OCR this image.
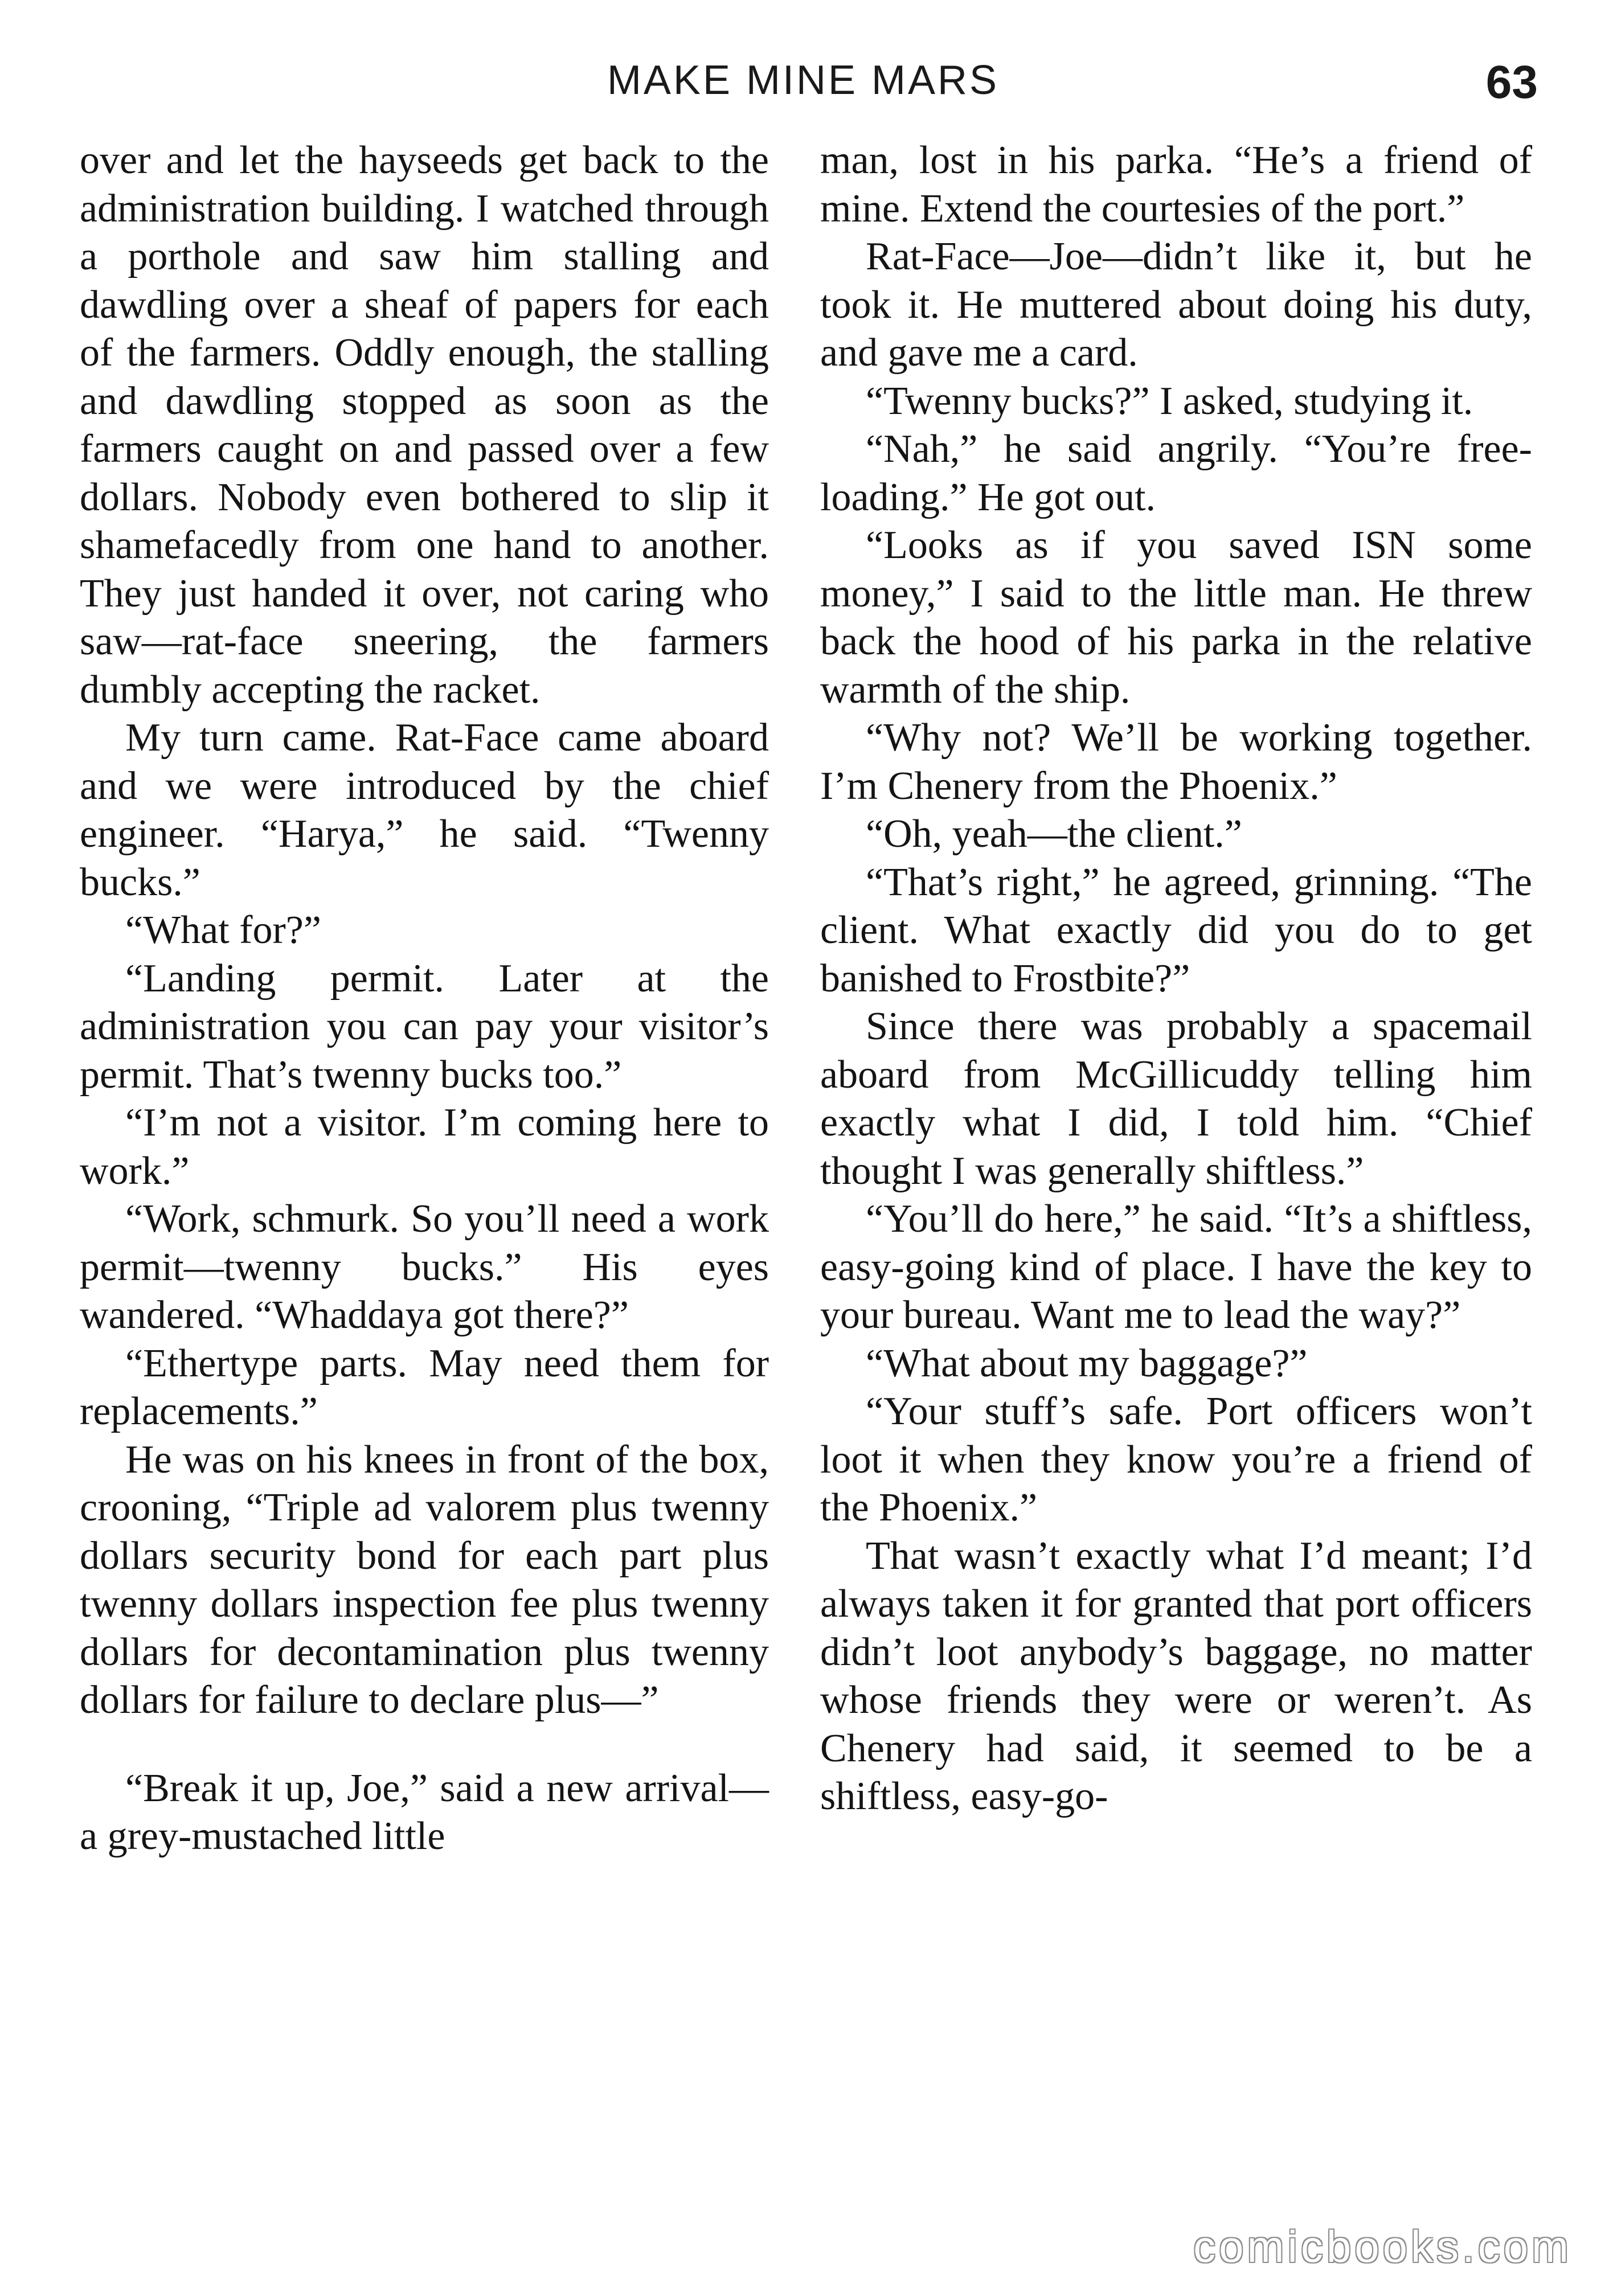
MAKE MINE MARS	63

over and let the hayseeds get back to the administration building. I watched through a porthole and saw him stalling and dawdling over a sheaf of papers for each of the farmers. Oddly enough, the stalling and dawdling stopped as soon as the farmers caught on and passed over a few dollars. Nobody even bothered to slip it shamefacedly from one hand to another. They just handed it over, not caring who saw—rat-face sneering, the farmers dumbly accepting the racket.

My turn came. Rat-Face came aboard and we were introduced by the chief engineer. “Harya,” he said. “Twenny bucks.”

“What for?”

“Landing permit. Later at the administration you can pay your visitor’s permit. That’s twenny bucks too.”

“I’m not a visitor. I’m coming here to work.”

“Work, schmurk. So you’ll need a work permit—twenny bucks.” His eyes wandered. “Whaddaya got there?”

“Ethertype parts. May need them for replacements.”

He was on his knees in front of the box, crooning, “Triple ad valorem plus twenny dollars security bond for each part plus twenny dollars inspection fee plus twenny dollars for decontamination plus twenny dollars for failure to declare plus—”

“Break it up, Joe,” said a new arrival—a grey-mustached little

man, lost in his parka. “He’s a friend of mine. Extend the courtesies of the port.”

Rat-Face—Joe—didn’t like it, but he took it. He muttered about doing his duty, and gave me a card.

“Twenny bucks?” I asked, studying it.

“Nah,” he said angrily. “You’re free-loading.” He got out.

“Looks as if you saved ISN some money,” I said to the little man. He threw back the hood of his parka in the relative warmth of the ship.

“Why not? We’ll be working together. I’m Chenery from the Phoenix.”

“Oh, yeah—the client.”

“That’s right,” he agreed, grinning. “The client. What exactly did you do to get banished to Frostbite?”

Since there was probably a spacemail aboard from McGillicuddy telling him exactly what I did, I told him. “Chief thought I was generally shiftless.”

“You’ll do here,” he said. “It’s a shiftless, easy-going kind of place. I have the key to your bureau. Want me to lead the way?”

“What about my baggage?”

“Your stuff’s safe. Port officers won’t loot it when they know you’re a friend of the Phoenix.”

That wasn’t exactly what I’d meant; I’d always taken it for granted that port officers didn’t loot anybody’s baggage, no matter whose friends they were or weren’t. As Chenery had said, it seemed to be a shiftless, easy-go-

comicbooks.com
